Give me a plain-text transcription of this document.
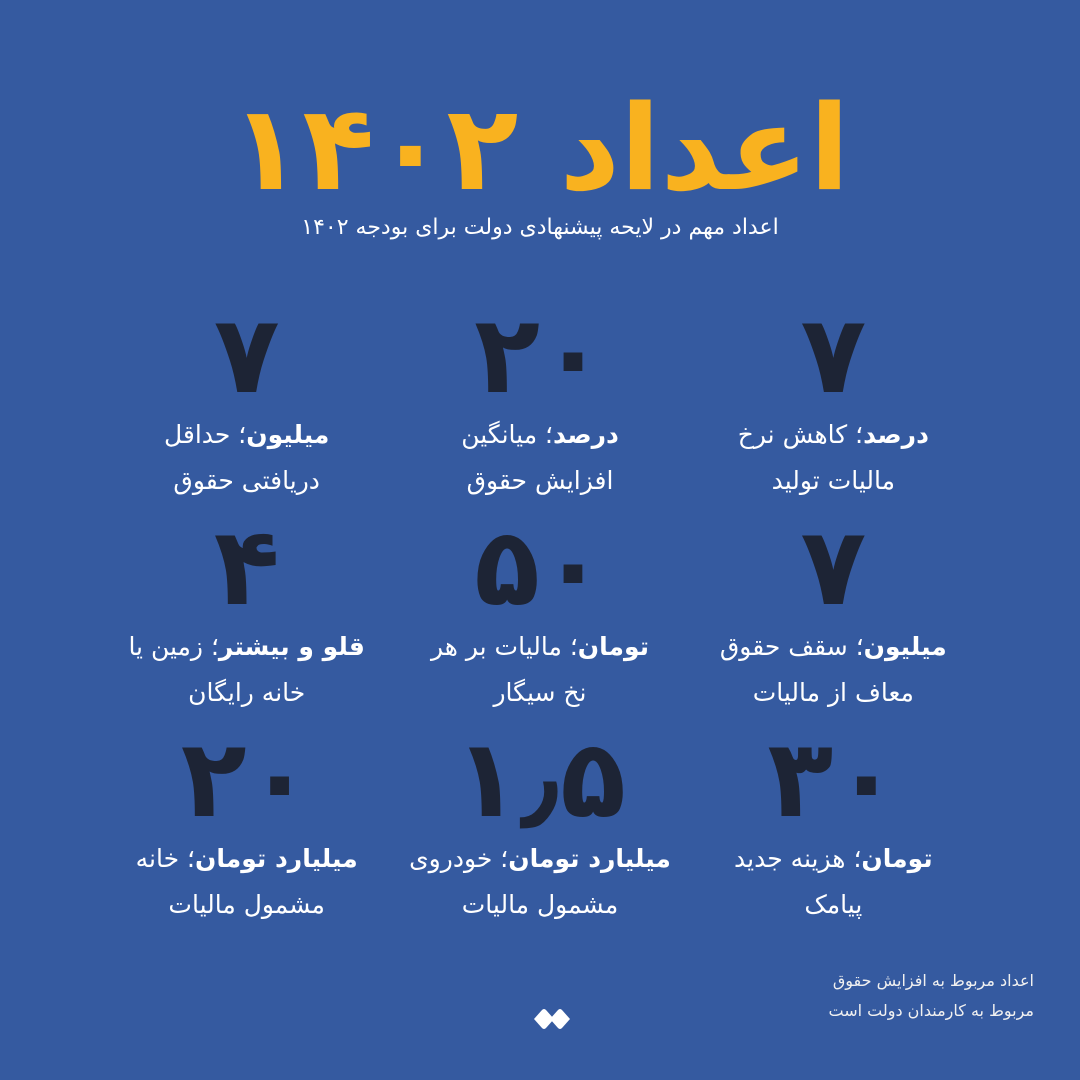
اعداد ۱۴۰۲
اعداد مهم در لایحه پیشنهادی دولت برای بودجه ۱۴۰۲
۷
درصد؛ کاهش نرخ
مالیات تولید
۲۰
درصد؛ میانگین
افزایش حقوق
۷
میلیون؛ حداقل
دریافتی حقوق
۷
میلیون؛ سقف حقوق
معاف از مالیات
۵۰
تومان؛ مالیات بر هر
نخ سیگار
۴
قلو و بیشتر؛ زمین یا
خانه رایگان
۳۰
تومان؛ هزینه جدید
پیامک
۱٫۵
میلیارد تومان؛ خودروی
مشمول مالیات
۲۰
میلیارد تومان؛ خانه
مشمول مالیات
اعداد مربوط به افزایش حقوق
مربوط به کارمندان دولت است
